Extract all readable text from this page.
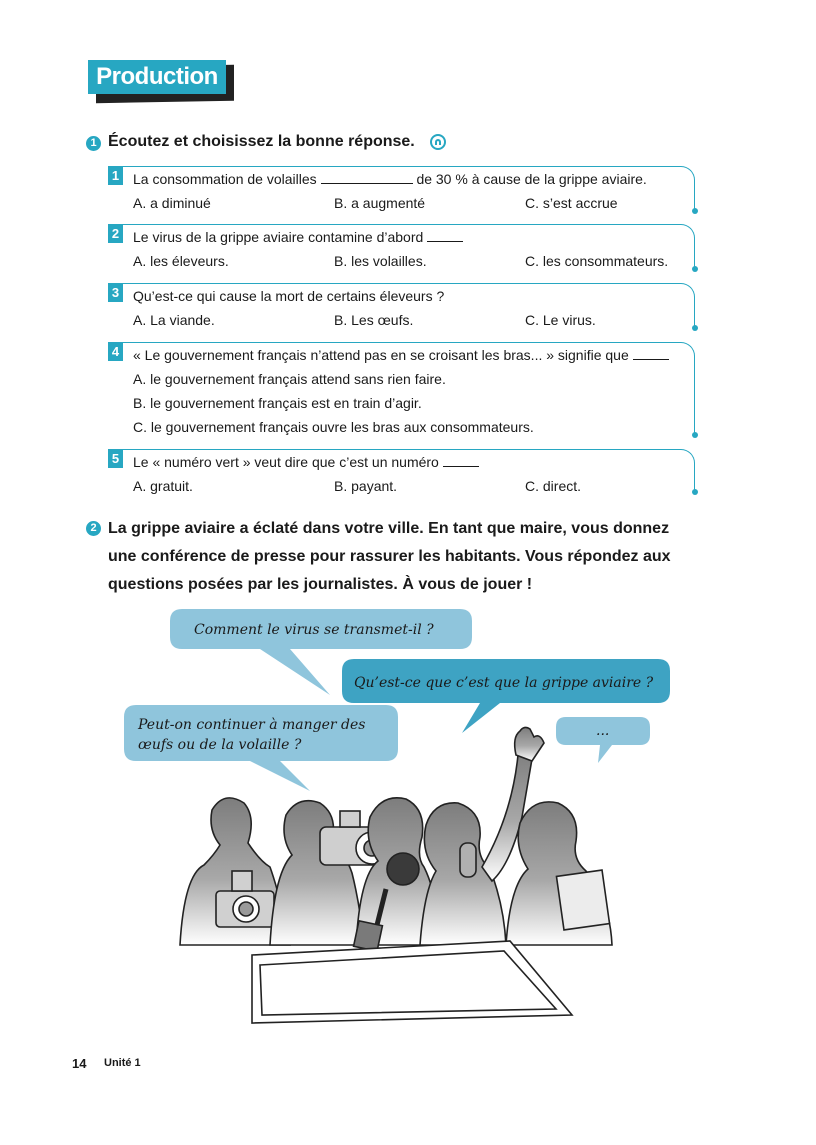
Production
1 Écoutez et choisissez la bonne réponse.
1 La consommation de volailles	de 30 % à cause de la grippe aviaire.
A. a diminué	B. a augmenté	C. s’est accrue
2 Le virus de la grippe aviaire contamine d’abord
A. les éleveurs.	B. les volailles.	C. les consommateurs.
3 Qu’est-ce qui cause la mort de certains éleveurs ?
A. La viande.	B. Les œufs.	C. Le virus.
4 « Le gouvernement français n’attend pas en se croisant les bras... » signifie que
A. le gouvernement français attend sans rien faire.
B. le gouvernement français est en train d’agir.
C. le gouvernement français ouvre les bras aux consommateurs.
5 Le « numéro vert » veut dire que c’est un numéro
A. gratuit.	B. payant.	C. direct.
2 La grippe aviaire a éclaté dans votre ville. En tant que maire, vous donnez
une conférence de presse pour rassurer les habitants. Vous répondez aux
questions posées par les journalistes. À vous de jouer !
Comment le virus se transmet-il ?
Qu’est-ce que c’est que la grippe aviaire ?
Peut-on continuer à manger des
œufs ou de la volaille ?
...
14 Unité 1
